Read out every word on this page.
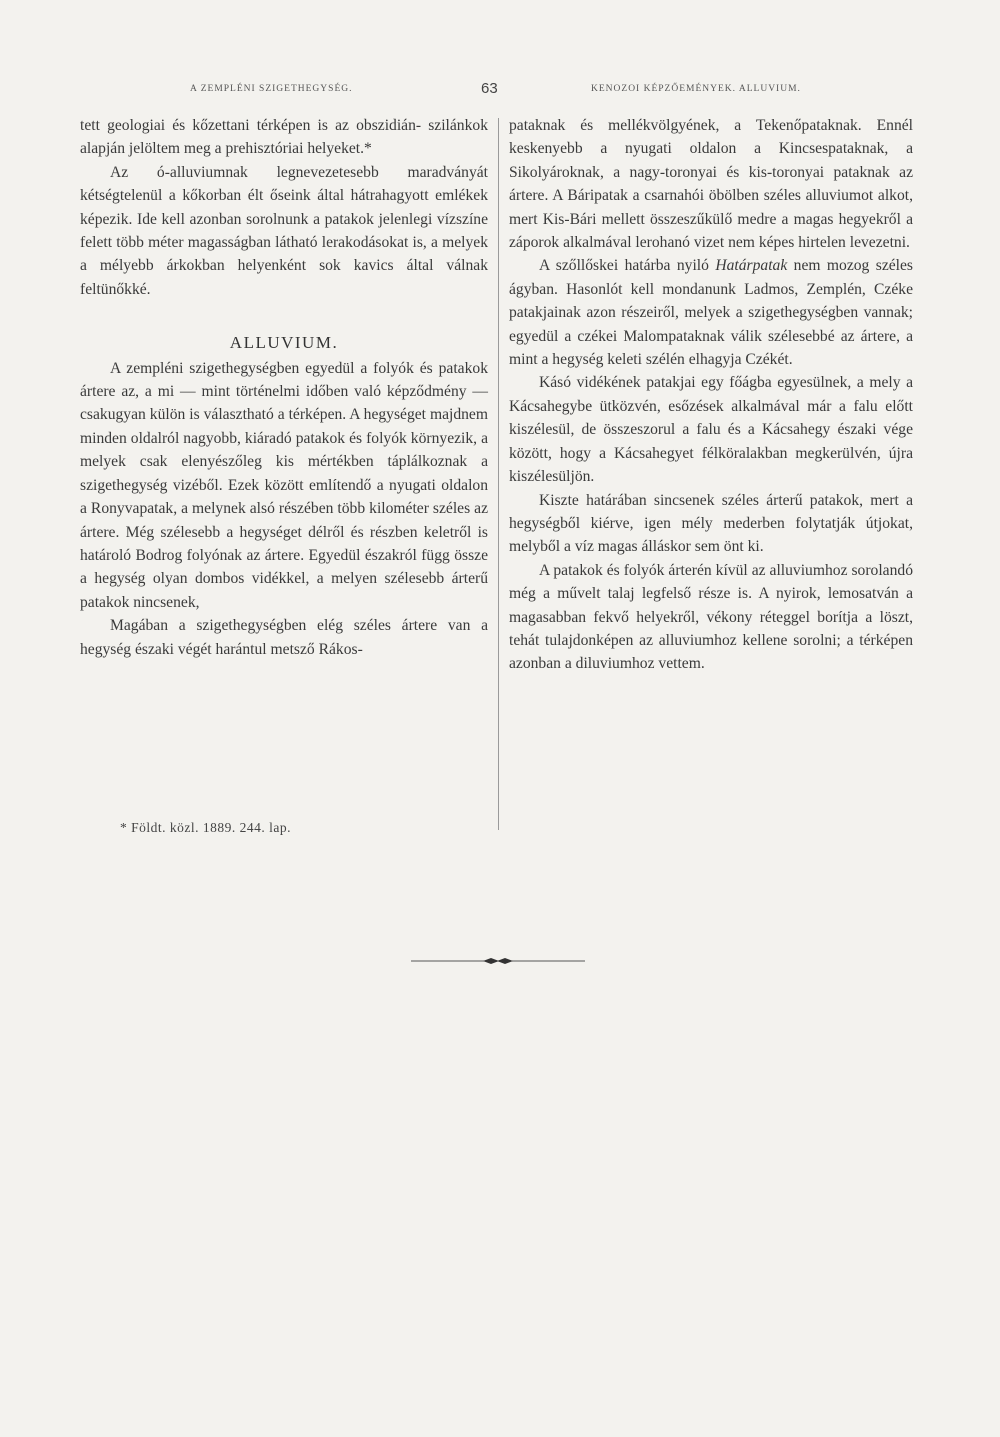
A ZEMPLÉNI SZIGETHEGYSÉG.	63	KENOZOI KÉPZŐEMÉNYEK. ALLUVIUM.

tett geologiai és kőzettani térképen is az obszidián- szilánkok alapján jelöltem meg a prehisztóriai helyeket.*

Az ó-alluviumnak legnevezetesebb maradványát kétségtelenül a kőkorban élt őseink által hátrahagyott emlékek képezik. Ide kell azonban sorolnunk a patakok jelenlegi vízszíne felett több méter magasságban látható lerakodásokat is, a melyek a mélyebb árkokban helyenként sok kavics által válnak feltünőkké.

ALLUVIUM.

A zempléni szigethegységben egyedül a folyók és patakok ártere az, a mi — mint történelmi időben való képződmény — csakugyan külön is választható a térképen. A hegységet majdnem minden oldalról nagyobb, kiáradó patakok és folyók környezik, a melyek csak elenyészőleg kis mértékben táplálkoznak a szigethegység vizéből. Ezek között említendő a nyugati oldalon a Ronyvapatak, a melynek alsó részében több kilométer széles az ártere. Még szélesebb a hegységet délről és részben keletről is határoló Bodrog folyónak az ártere. Egyedül északról függ össze a hegység olyan dombos vidékkel, a melyen szélesebb árterű patakok nincsenek,

Magában a szigethegységben elég széles ártere van a hegység északi végét harántul metsző Rákos-

pataknak és mellékvölgyének, a Tekenőpataknak. Ennél keskenyebb a nyugati oldalon a Kincsespataknak, a Sikolyároknak, a nagy-toronyai és kis-toronyai pataknak az ártere. A Báripatak a csarnahói öbölben széles alluviumot alkot, mert Kis-Bári mellett összeszűkülő medre a magas hegyekről a záporok alkalmával lerohanó vizet nem képes hirtelen levezetni.

A szőllőskei határba nyiló Határpatak nem mozog széles ágyban. Hasonlót kell mondanunk Ladmos, Zemplén, Czéke patakjainak azon részeiről, melyek a szigethegységben vannak; egyedül a czékei Malompataknak válik szélesebbé az ártere, a mint a hegység keleti szélén elhagyja Czékét.

Kásó vidékének patakjai egy főágba egyesülnek, a mely a Kácsahegybe ütközvén, esőzések alkalmával már a falu előtt kiszélesül, de összeszorul a falu és a Kácsahegy északi vége között, hogy a Kácsahegyet félköralakban megkerülvén, újra kiszélesüljön.

Kiszte határában sincsenek széles árterű patakok, mert a hegységből kiérve, igen mély mederben folytatják útjokat, melyből a víz magas álláskor sem önt ki.

A patakok és folyók árterén kívül az alluviumhoz sorolandó még a művelt talaj legfelső része is. A nyirok, lemosatván a magasabban fekvő helyekről, vékony réteggel borítja a löszt, tehát tulajdonképen az alluviumhoz kellene sorolni; a térképen azonban a diluviumhoz vettem.

* Földt. közl. 1889. 244. lap.
